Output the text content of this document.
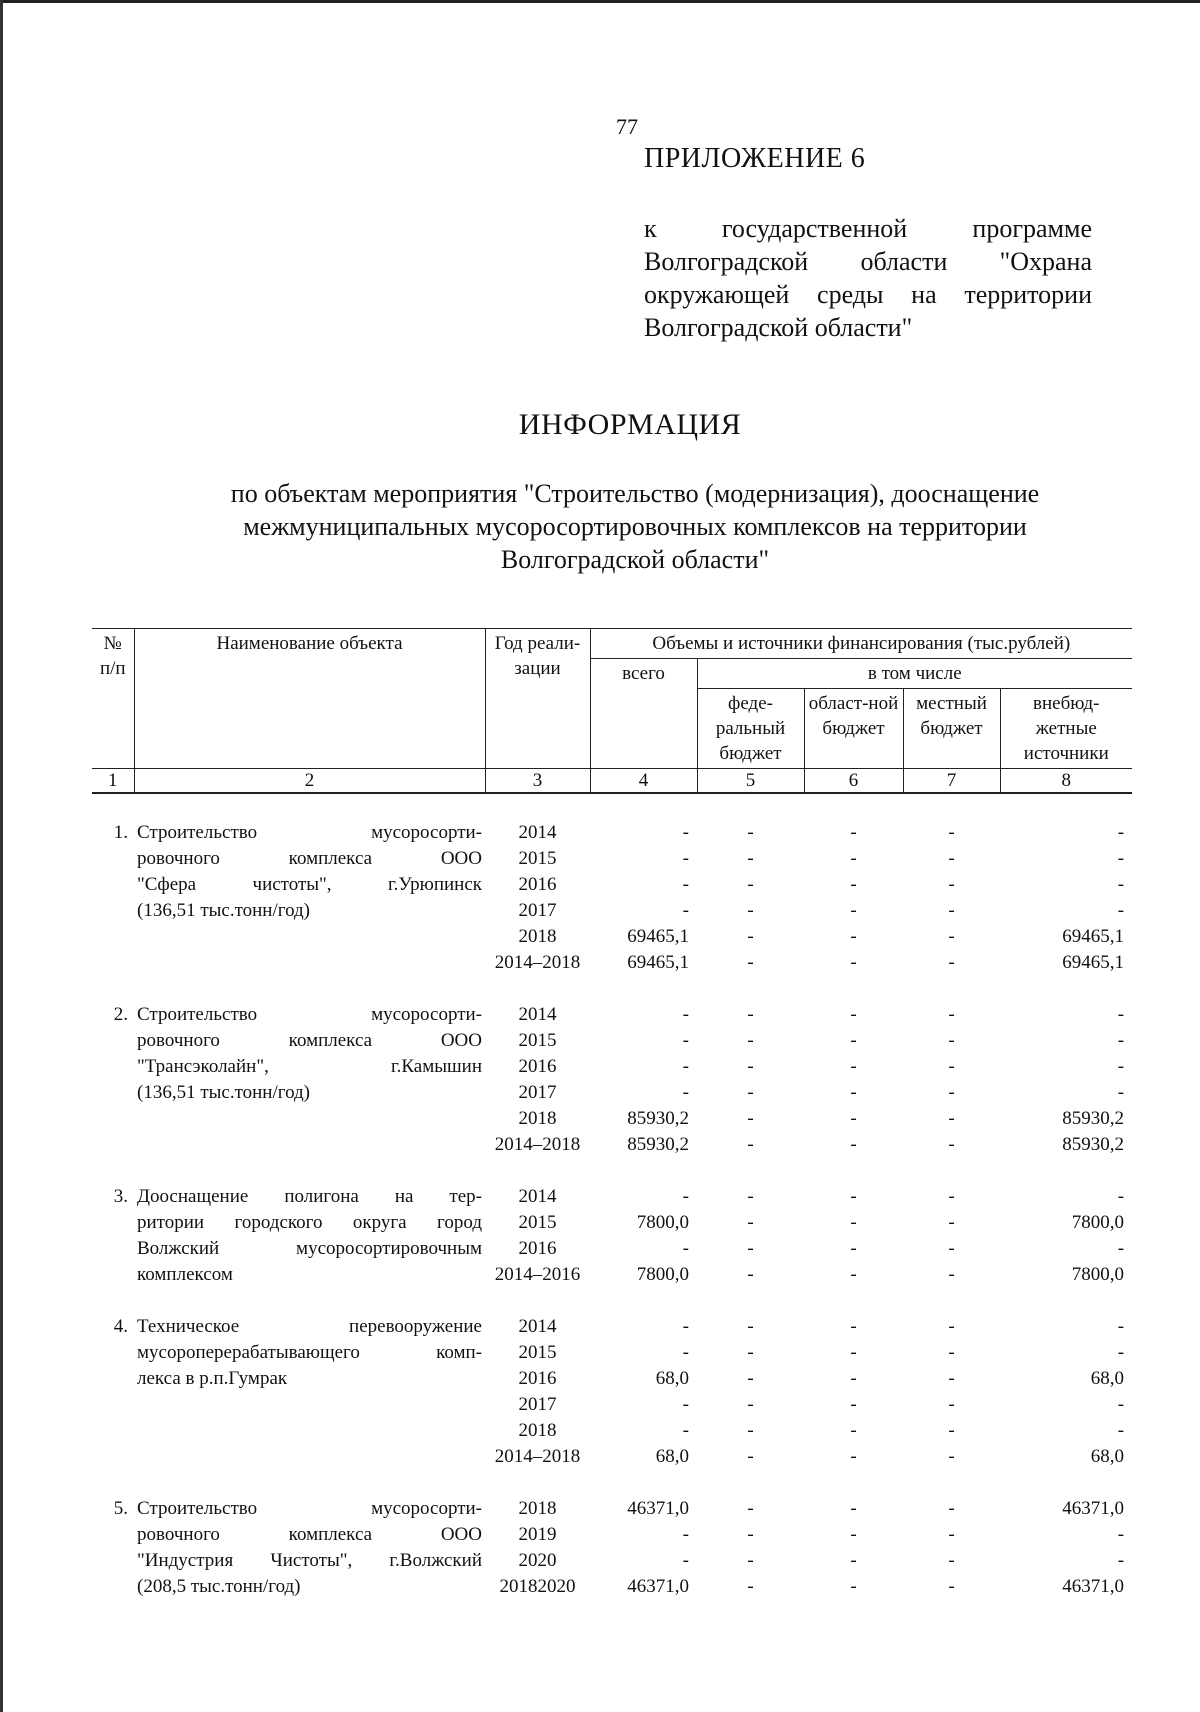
77
ПРИЛОЖЕНИЕ 6
к государственной программе
Волгоградской области "Охрана
окружающей среды на территории
Волгоградской области"
ИНФОРМАЦИЯ
по объектам мероприятия "Строительство (модернизация), дооснащение
межмуниципальных мусоросортировочных комплексов на территории
Волгоградской области"
№ п/п	Наименование объекта	Год реали-зации	Объемы и источники финансирования (тыс.рублей)				
			всего	в том числе			
				феде-ральный бюджет	област-ной бюджет	местный бюджет	внебюд-жетные источники
1	2	3	4	5	6	7	8

1.	Строительство мусоросорти-	2014	-	-	-	-	-
	ровочного комплекса ООО	2015	-	-	-	-	-
	"Сфера чистоты", г.Урюпинск	2016	-	-	-	-	-
	(136,51 тыс.тонн/год)	2017	-	-	-	-	-
		2018	69465,1	-	-	-	69465,1
		2014–2018	69465,1	-	-	-	69465,1

2.	Строительство мусоросорти-	2014	-	-	-	-	-
	ровочного комплекса ООО	2015	-	-	-	-	-
	"Трансэколайн", г.Камышин	2016	-	-	-	-	-
	(136,51 тыс.тонн/год)	2017	-	-	-	-	-
		2018	85930,2	-	-	-	85930,2
		2014–2018	85930,2	-	-	-	85930,2

3.	Дооснащение полигона на тер-	2014	-	-	-	-	-
	ритории городского округа город	2015	7800,0	-	-	-	7800,0
	Волжский мусоросортировочным	2016	-	-	-	-	-
	комплексом	2014–2016	7800,0	-	-	-	7800,0

4.	Техническое перевооружение	2014	-	-	-	-	-
	мусороперерабатывающего комп-	2015	-	-	-	-	-
	лекса в р.п.Гумрак	2016	68,0	-	-	-	68,0
		2017	-	-	-	-	-
		2018	-	-	-	-	-
		2014–2018	68,0	-	-	-	68,0

5.	Строительство мусоросорти-	2018	46371,0	-	-	-	46371,0
	ровочного комплекса ООО	2019	-	-	-	-	-
	"Индустрия Чистоты", г.Волжский	2020	-	-	-	-	-
	(208,5 тыс.тонн/год)	20182020	46371,0	-	-	-	46371,0
